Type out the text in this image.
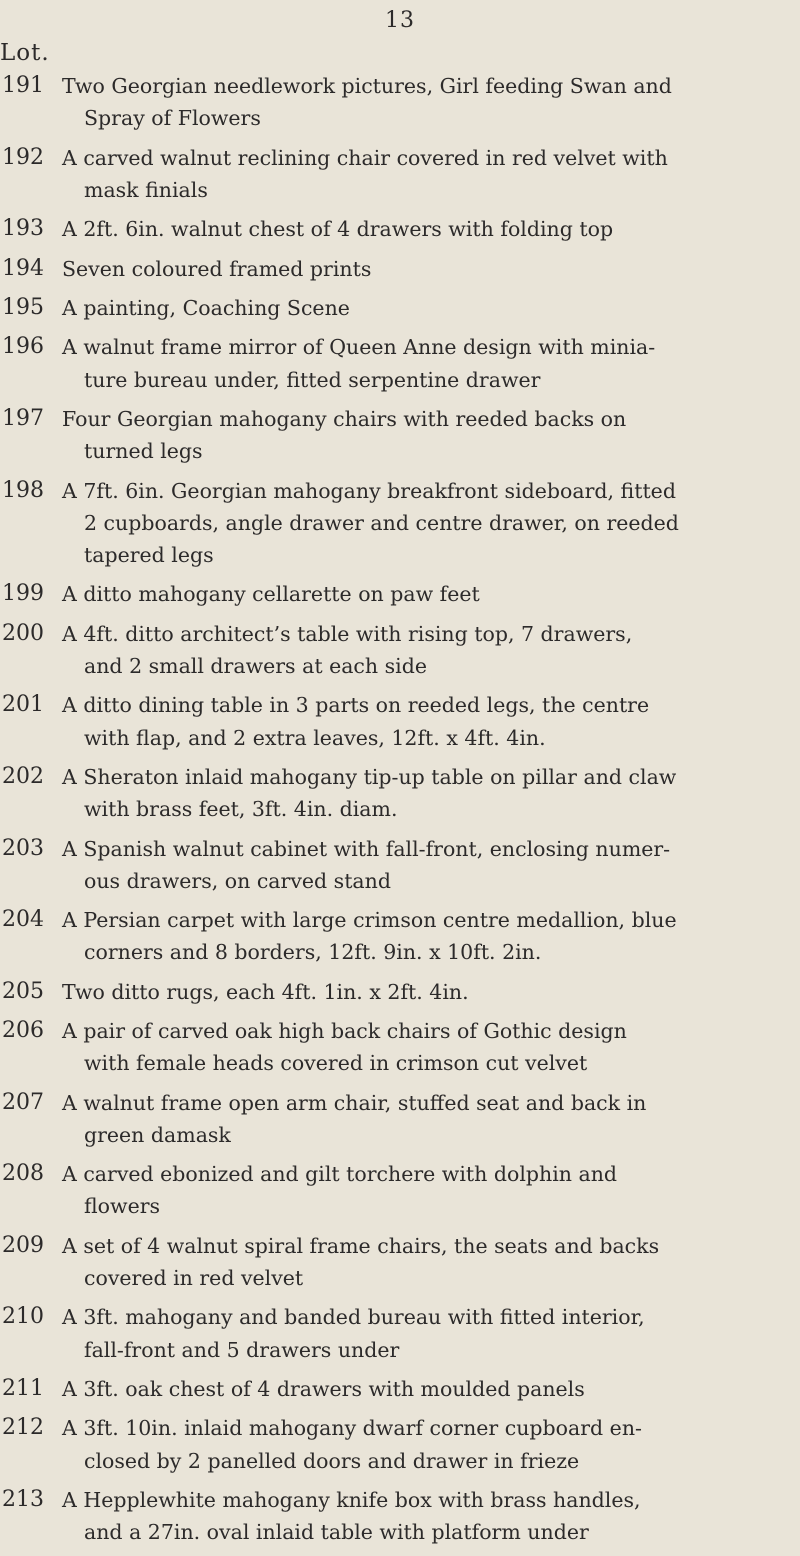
13
Lot.
191 Two Georgian needlework pictures, Girl feeding Swan and
Spray of Flowers
192 A carved walnut reclining chair covered in red velvet with
mask finials
193 A 2ft. 6in. walnut chest of 4 drawers with folding top
194 Seven coloured framed prints
195 A painting, Coaching Scene
196 A walnut frame mirror of Queen Anne design with minia-
ture bureau under, fitted serpentine drawer
197 Four Georgian mahogany chairs with reeded backs on
turned legs
198 A 7ft. 6in. Georgian mahogany breakfront sideboard, fitted
2 cupboards, angle drawer and centre drawer, on reeded
tapered legs
199 A ditto mahogany cellarette on paw feet
200 A 4ft. ditto architect’s table with rising top, 7 drawers,
and 2 small drawers at each side
201 A ditto dining table in 3 parts on reeded legs, the centre
with flap, and 2 extra leaves, 12ft. x 4ft. 4in.
202 A Sheraton inlaid mahogany tip-up table on pillar and claw
with brass feet, 3ft. 4in. diam.
203 A Spanish walnut cabinet with fall-front, enclosing numer-
ous drawers, on carved stand
204 A Persian carpet with large crimson centre medallion, blue
corners and 8 borders, 12ft. 9in. x 10ft. 2in.
205 Two ditto rugs, each 4ft. 1in. x 2ft. 4in.
206 A pair of carved oak high back chairs of Gothic design
with female heads covered in crimson cut velvet
207 A walnut frame open arm chair, stuffed seat and back in
green damask
208 A carved ebonized and gilt torchere with dolphin and
flowers
209 A set of 4 walnut spiral frame chairs, the seats and backs
covered in red velvet
210 A 3ft. mahogany and banded bureau with fitted interior,
fall-front and 5 drawers under
211 A 3ft. oak chest of 4 drawers with moulded panels
212 A 3ft. 10in. inlaid mahogany dwarf corner cupboard en-
closed by 2 panelled doors and drawer in frieze
213 A Hepplewhite mahogany knife box with brass handles,
and a 27in. oval inlaid table with platform under
